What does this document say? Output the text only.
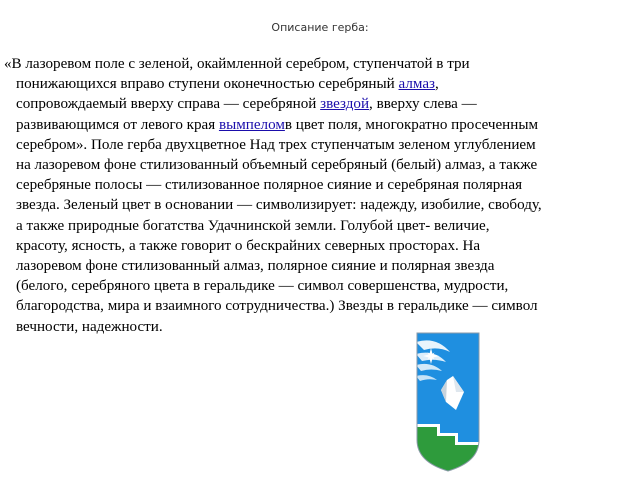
Описание герба:
«В лазоревом поле с зеленой, окаймленной серебром, ступенчатой в три
понижающихся вправо ступени оконечностью серебряный алмаз,
сопровождаемый вверху справа — серебряной звездой, вверху слева —
развивающимся от левого края вымпеломв цвет поля, многократно просеченным
серебром». Поле герба двухцветное Над трех ступенчатым зеленом углублением
на лазоревом фоне стилизованный объемный серебряный (белый) алмаз, а также
серебряные полосы — стилизованное полярное сияние и серебряная полярная
звезда. Зеленый цвет в основании — символизирует: надежду, изобилие, свободу,
а также природные богатства Удачнинской земли. Голубой цвет- величие,
красоту, ясность, а также говорит о бескрайних северных просторах. На
лазоревом фоне стилизованный алмаз, полярное сияние и полярная звезда
(белого, серебряного цвета в геральдике — символ совершенства, мудрости,
благородства, мира и взаимного сотрудничества.) Звезды в геральдике — символ
вечности, надежности.
